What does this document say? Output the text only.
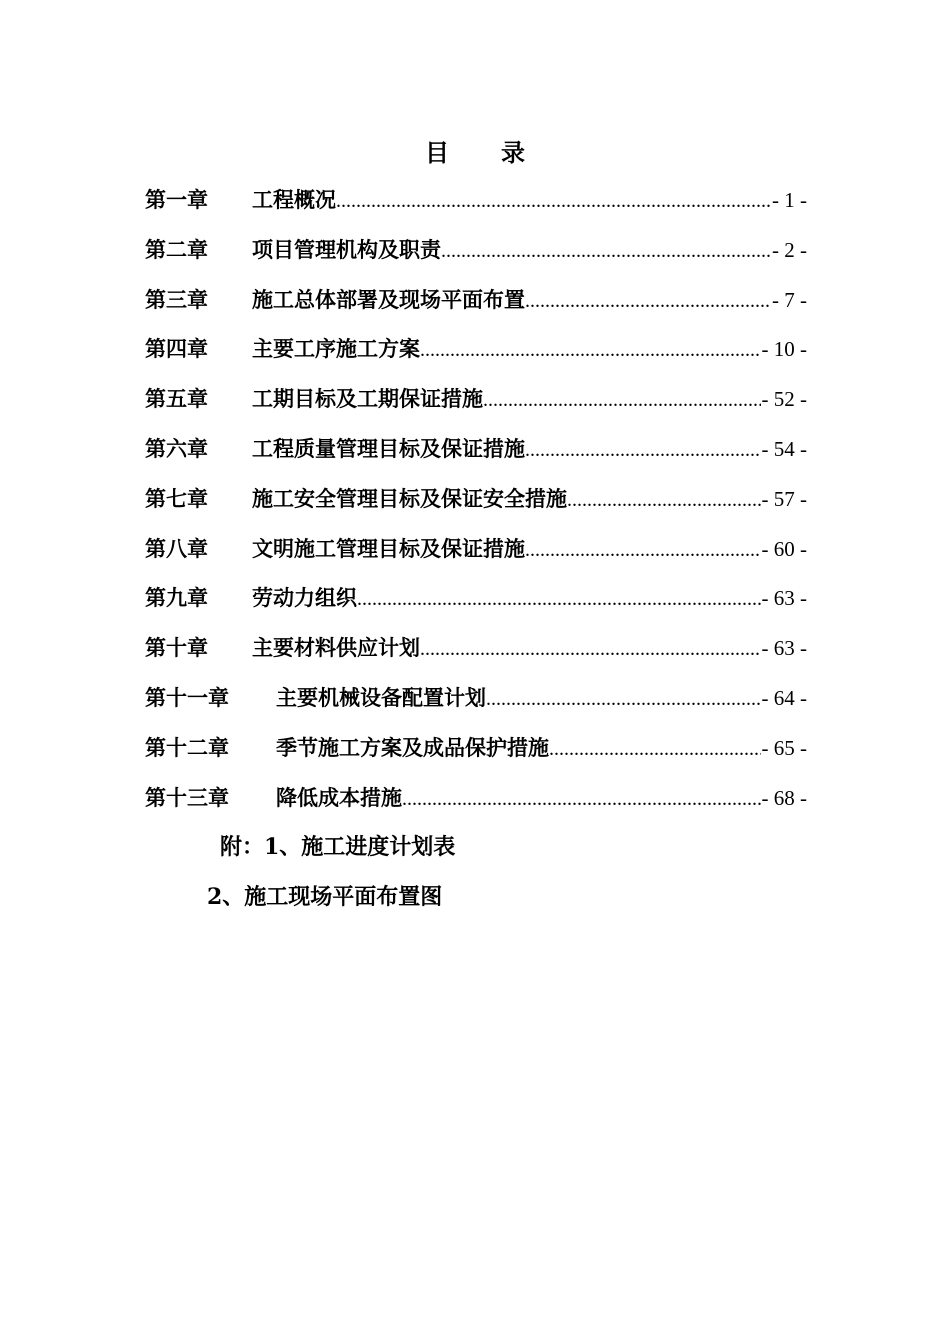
目 录
第一章	工程概况 .....	- 1 -
第二章	项目管理机构及职责 .....	- 2 -
第三章	施工总体部署及现场平面布置 .....	- 7 -
第四章	主要工序施工方案 .....	- 10 -
第五章	工期目标及工期保证措施 .....	- 52 -
第六章	工程质量管理目标及保证措施 .....	- 54 -
第七章	施工安全管理目标及保证安全措施 .....	- 57 -
第八章	文明施工管理目标及保证措施 .....	- 60 -
第九章	劳动力组织 .....	- 63 -
第十章	主要材料供应计划 .....	- 63 -
第十一章	主要机械设备配置计划 .....	- 64 -
第十二章	季节施工方案及成品保护措施 .....	- 65 -
第十三章	降低成本措施 .....	- 68 -
附：1、施工进度计划表
2、施工现场平面布置图
